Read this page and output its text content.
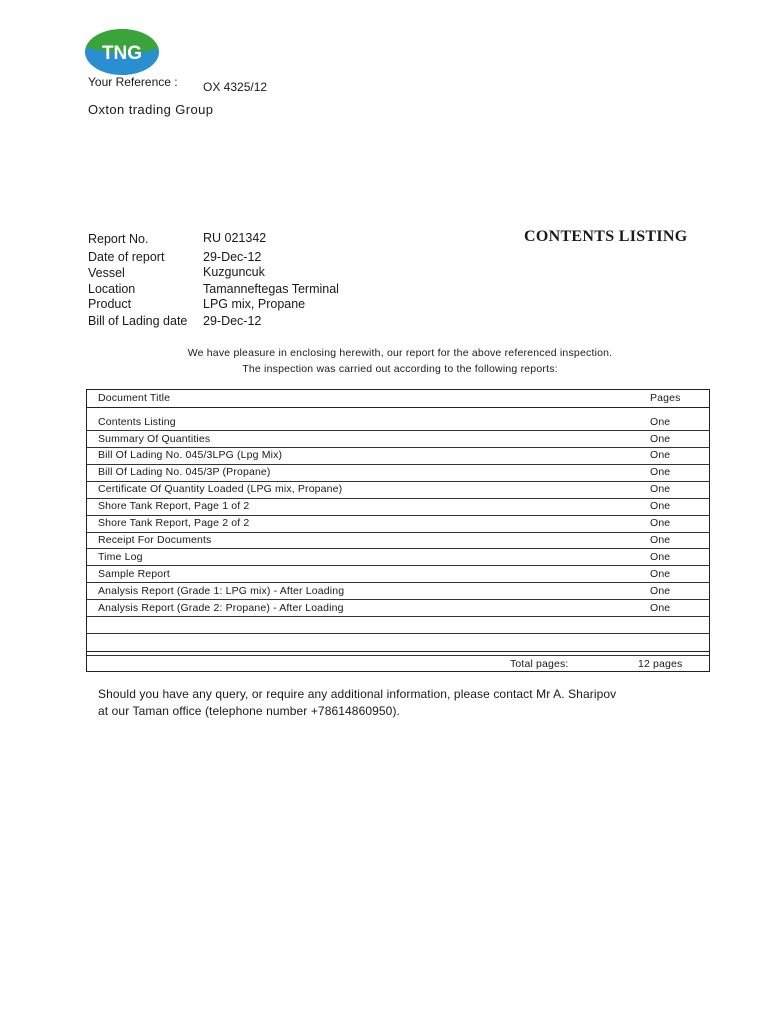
TNG
Your Reference : OX 4325/12
Oxton trading Group
CONTENTS LISTING
Report No.	RU 021342
Date of report	29-Dec-12
Vessel	Kuzguncuk
Location	Tamanneftegas Terminal
Product	LPG mix, Propane
Bill of Lading date 29-Dec-12
We have pleasure in enclosing herewith, our report for the above referenced inspection.
The inspection was carried out according to the following reports:
Document Title	Pages
Contents Listing	One
Summary Of Quantities	One
Bill Of Lading No. 045/3LPG (Lpg Mix)	One
Bill Of Lading No. 045/3P (Propane)	One
Certificate Of Quantity Loaded (LPG mix, Propane)	One
Shore Tank Report, Page 1 of 2	One
Shore Tank Report, Page 2 of 2	One
Receipt For Documents	One
Time Log	One
Sample Report	One
Analysis Report (Grade 1: LPG mix) - After Loading	One
Analysis Report (Grade 2: Propane) - After Loading	One
Total pages:	12 pages
Should you have any query, or require any additional information, please contact Mr A. Sharipov
at our Taman office (telephone number +78614860950).
